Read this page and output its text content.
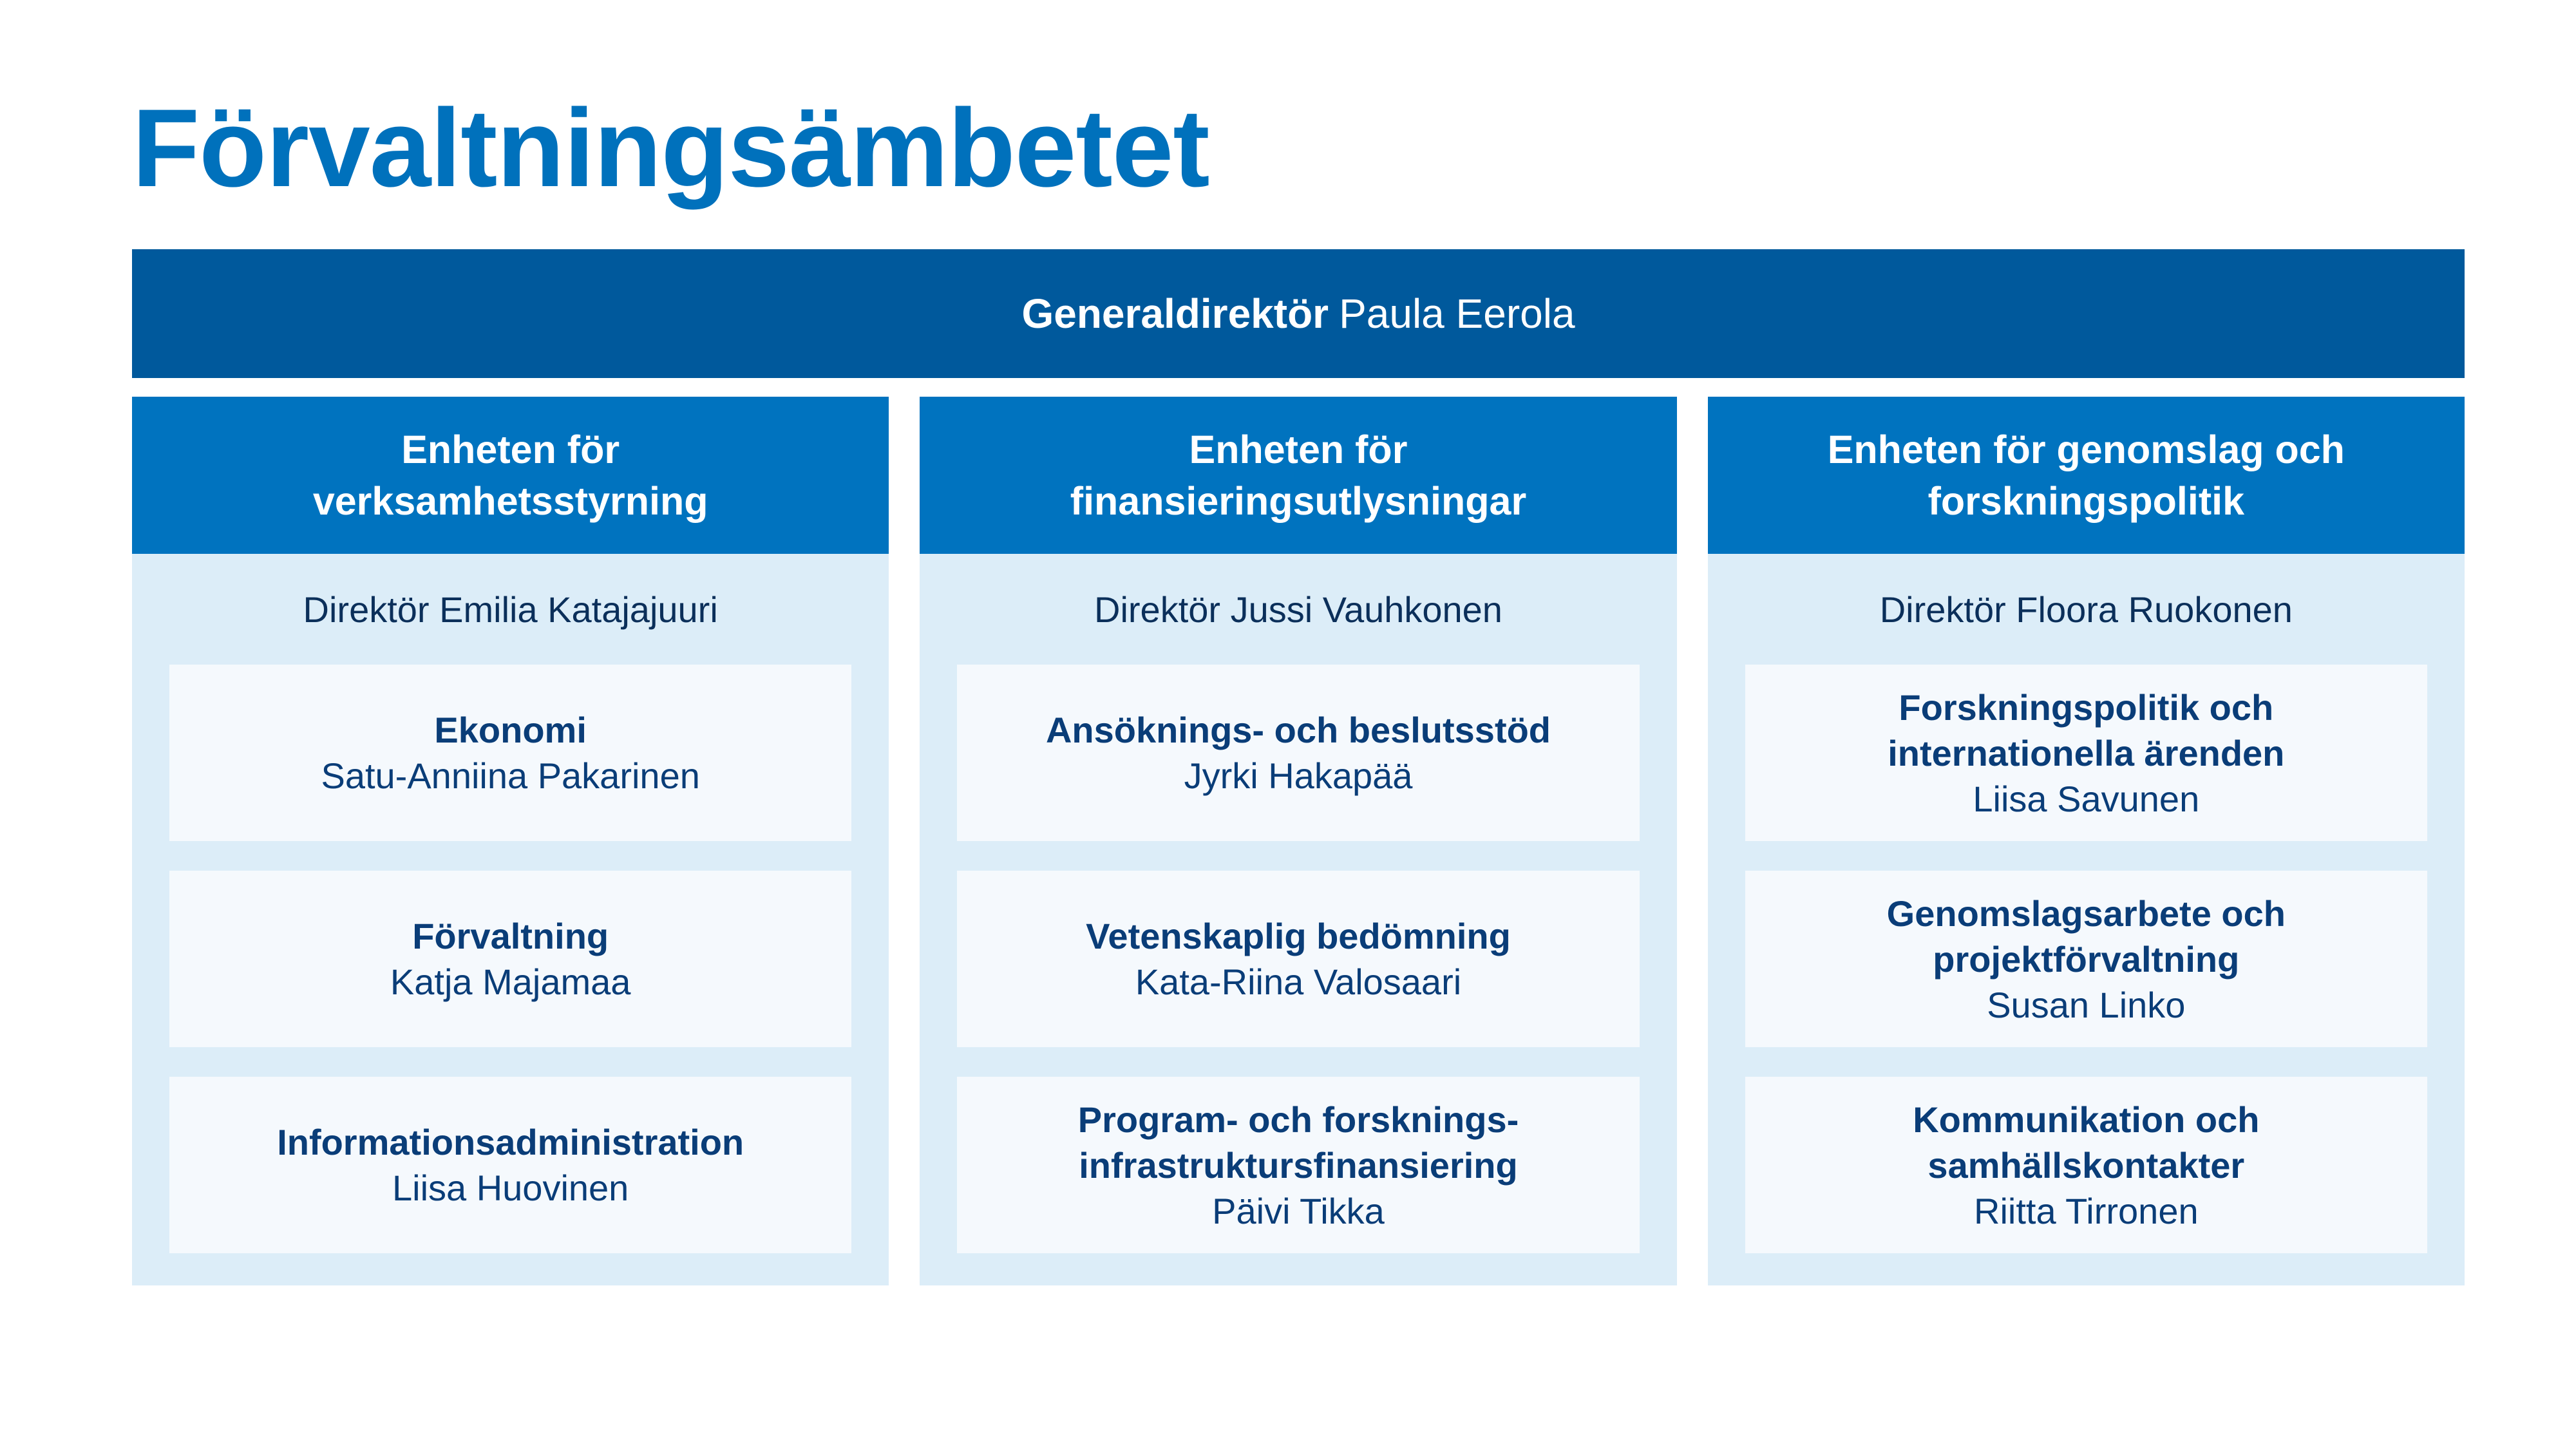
Förvaltningsämbetet
Generaldirektör Paula Eerola
Enheten för
verksamhetsstyrning
Direktör Emilia Katajajuuri
Ekonomi
Satu-Anniina Pakarinen
Förvaltning
Katja Majamaa
Informationsadministration
Liisa Huovinen
Enheten för
finansieringsutlysningar
Direktör Jussi Vauhkonen
Ansöknings- och beslutsstöd
Jyrki Hakapää
Vetenskaplig bedömning
Kata-Riina Valosaari
Program- och forsknings-
infrastruktursfinansiering
Päivi Tikka
Enheten för genomslag och
forskningspolitik
Direktör Floora Ruokonen
Forskningspolitik och
internationella ärenden
Liisa Savunen
Genomslagsarbete och
projektförvaltning
Susan Linko
Kommunikation och
samhällskontakter
Riitta Tirronen
